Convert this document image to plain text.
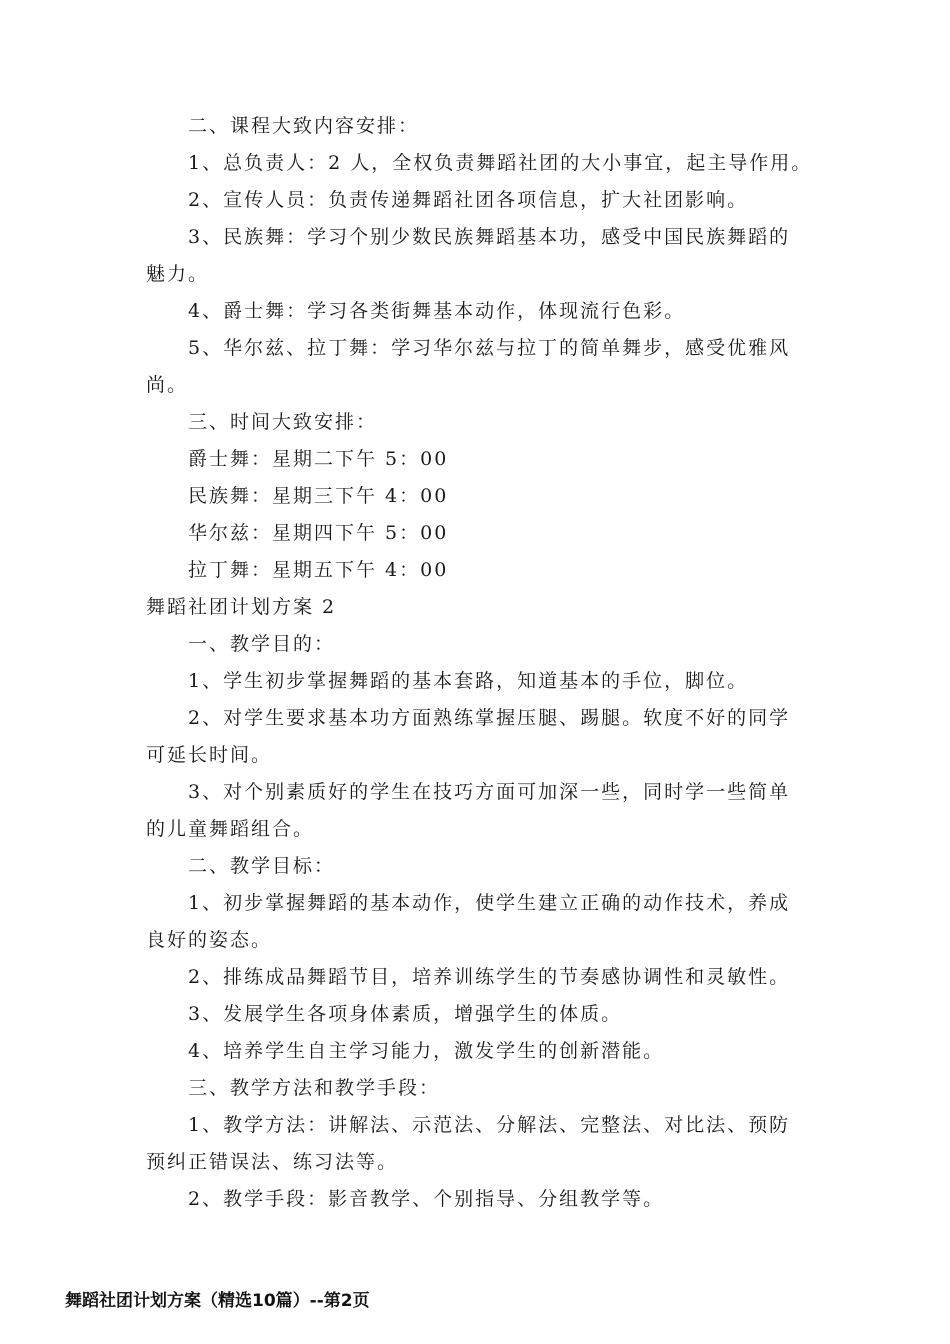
二、课程大致内容安排：
1、总负责人：2 人，全权负责舞蹈社团的大小事宜，起主导作用。
2、宣传人员：负责传递舞蹈社团各项信息，扩大社团影响。
3、民族舞：学习个别少数民族舞蹈基本功，感受中国民族舞蹈的
魅力。
4、爵士舞：学习各类街舞基本动作，体现流行色彩。
5、华尔兹、拉丁舞：学习华尔兹与拉丁的简单舞步，感受优雅风
尚。
三、时间大致安排：
爵士舞：星期二下午 5：00
民族舞：星期三下午 4：00
华尔兹：星期四下午 5：00
拉丁舞：星期五下午 4：00
舞蹈社团计划方案 2
一、教学目的：
1、学生初步掌握舞蹈的基本套路，知道基本的手位，脚位。
2、对学生要求基本功方面熟练掌握压腿、踢腿。软度不好的同学
可延长时间。
3、对个别素质好的学生在技巧方面可加深一些，同时学一些简单
的儿童舞蹈组合。
二、教学目标：
1、初步掌握舞蹈的基本动作，使学生建立正确的动作技术，养成
良好的姿态。
2、排练成品舞蹈节目，培养训练学生的节奏感协调性和灵敏性。
3、发展学生各项身体素质，增强学生的体质。
4、培养学生自主学习能力，激发学生的创新潜能。
三、教学方法和教学手段：
1、教学方法：讲解法、示范法、分解法、完整法、对比法、预防
预纠正错误法、练习法等。
2、教学手段：影音教学、个别指导、分组教学等。
舞蹈社团计划方案（精选10篇）--第2页
